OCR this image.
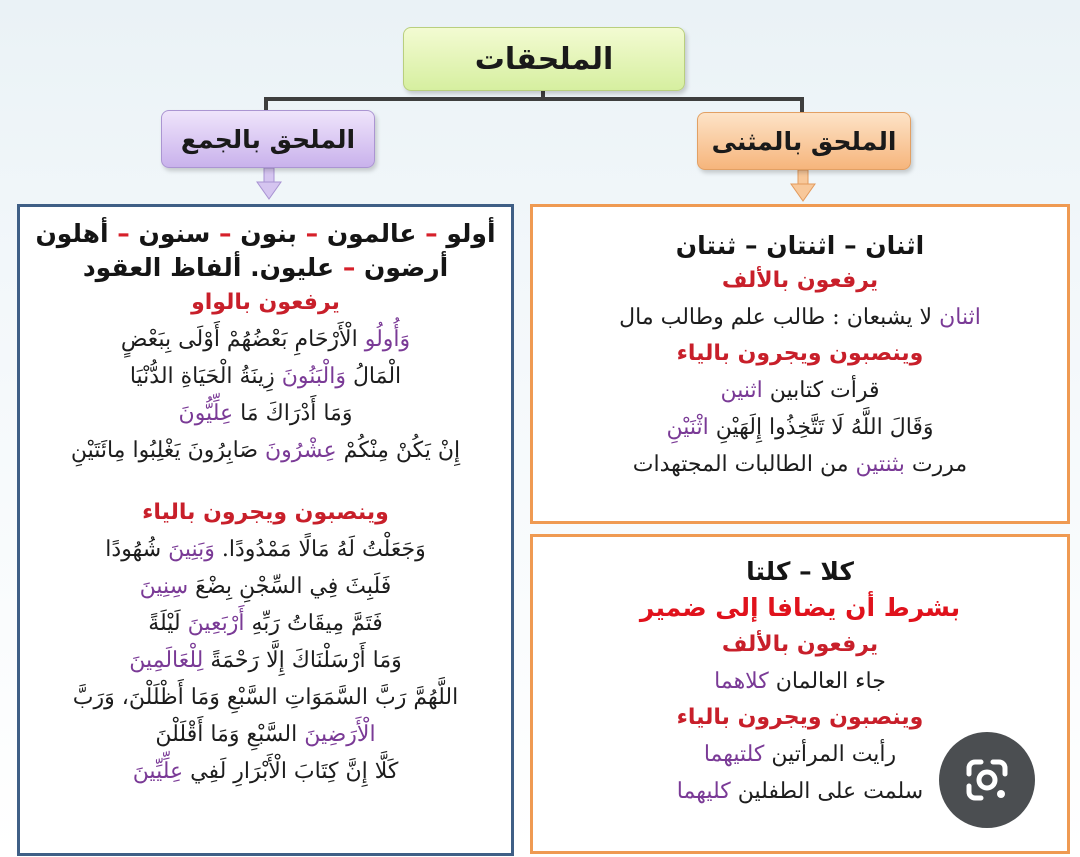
الملحقات
الملحق بالمثنى
الملحق بالجمع

أولو – عالمون – بنون – سنون – أهلون

أرضون – عليون. ألفاظ العقود

يرفعون بالواو

وَأُولُو الْأَرْحَامِ بَعْضُهُمْ أَوْلَى بِبَعْضٍ

الْمَالُ وَالْبَنُونَ زِينَةُ الْحَيَاةِ الدُّنْيَا

وَمَا أَدْرَاكَ مَا عِلِّيُّونَ

إِنْ يَكُنْ مِنْكُمْ عِشْرُونَ صَابِرُونَ يَغْلِبُوا مِائَتَيْنِ

وينصبون ويجرون بالياء

وَجَعَلْتُ لَهُ مَالًا مَمْدُودًا. وَبَنِينَ شُهُودًا

فَلَبِثَ فِي السِّجْنِ بِضْعَ سِنِينَ

فَتَمَّ مِيقَاتُ رَبِّهِ أَرْبَعِينَ لَيْلَةً

وَمَا أَرْسَلْنَاكَ إِلَّا رَحْمَةً لِلْعَالَمِينَ

اللَّهُمَّ رَبَّ السَّمَوَاتِ السَّبْعِ وَمَا أَظْلَلْنَ، وَرَبَّ

الْأَرَضِينَ السَّبْعِ وَمَا أَقْلَلْنَ

كَلَّا إِنَّ كِتَابَ الْأَبْرَارِ لَفِي عِلِّيِّينَ

اثنان – اثنتان – ثنتان

يرفعون بالألف

اثنان لا يشبعان : طالب علم وطالب مال

وينصبون ويجرون بالياء

قرأت كتابين اثنين

وَقَالَ اللَّهُ لَا تَتَّخِذُوا إِلَهَيْنِ اثْنَيْنِ

مررت بثنتين من الطالبات المجتهدات

كلا – كلتا

بشرط أن يضافا إلى ضمير

يرفعون بالألف

جاء العالمان كلاهما

وينصبون ويجرون بالياء

رأيت المرأتين كلتيهما

سلمت على الطفلين كليهما
